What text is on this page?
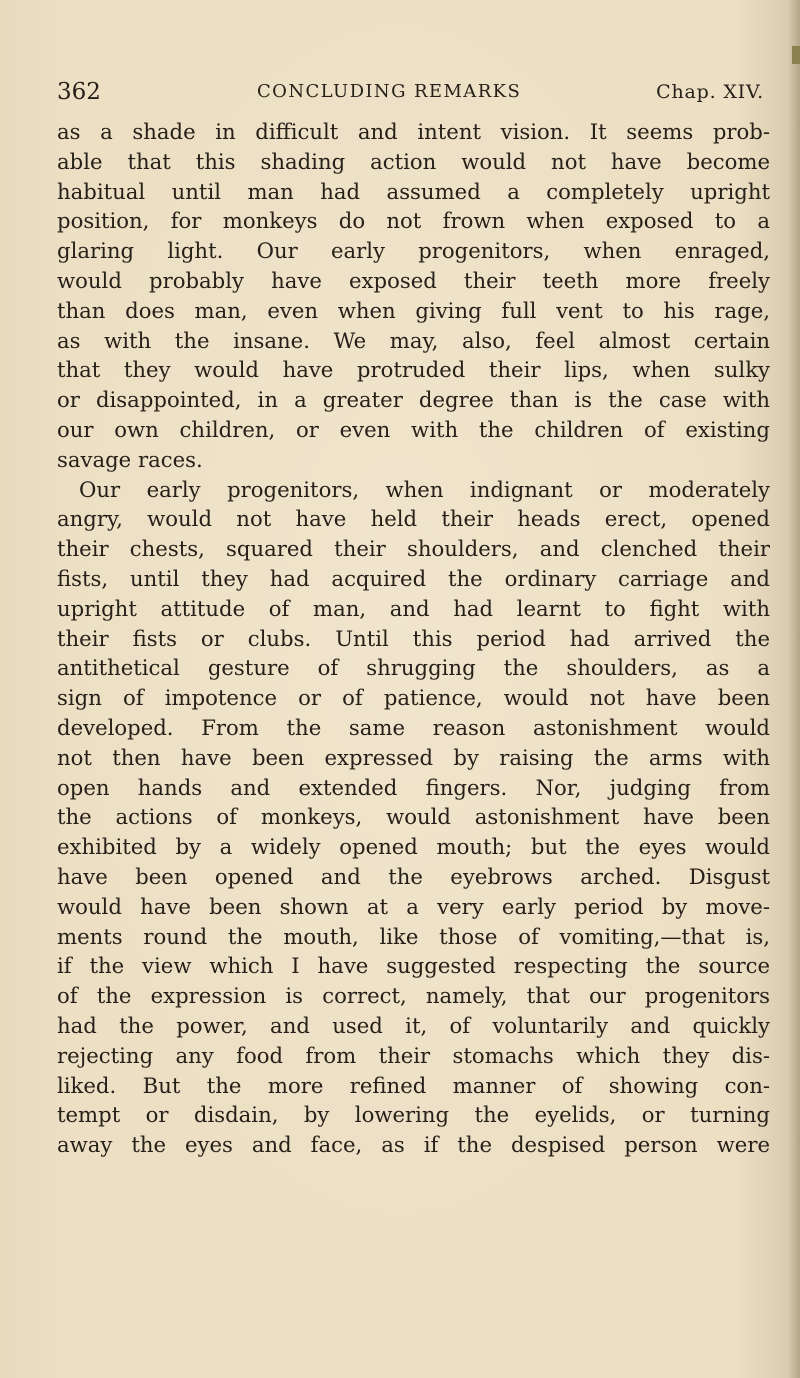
362	CONCLUDING REMARKS	Chap. XIV.
as a shade in difficult and intent vision. It seems prob-
able that this shading action would not have become
habitual until man had assumed a completely upright
position, for monkeys do not frown when exposed to a
glaring light. Our early progenitors, when enraged,
would probably have exposed their teeth more freely
than does man, even when giving full vent to his rage,
as with the insane. We may, also, feel almost certain
that they would have protruded their lips, when sulky
or disappointed, in a greater degree than is the case with
our own children, or even with the children of existing
savage races.
Our early progenitors, when indignant or moderately
angry, would not have held their heads erect, opened
their chests, squared their shoulders, and clenched their
fists, until they had acquired the ordinary carriage and
upright attitude of man, and had learnt to fight with
their fists or clubs. Until this period had arrived the
antithetical gesture of shrugging the shoulders, as a
sign of impotence or of patience, would not have been
developed. From the same reason astonishment would
not then have been expressed by raising the arms with
open hands and extended fingers. Nor, judging from
the actions of monkeys, would astonishment have been
exhibited by a widely opened mouth; but the eyes would
have been opened and the eyebrows arched. Disgust
would have been shown at a very early period by move-
ments round the mouth, like those of vomiting,—that is,
if the view which I have suggested respecting the source
of the expression is correct, namely, that our progenitors
had the power, and used it, of voluntarily and quickly
rejecting any food from their stomachs which they dis-
liked. But the more refined manner of showing con-
tempt or disdain, by lowering the eyelids, or turning
away the eyes and face, as if the despised person were
